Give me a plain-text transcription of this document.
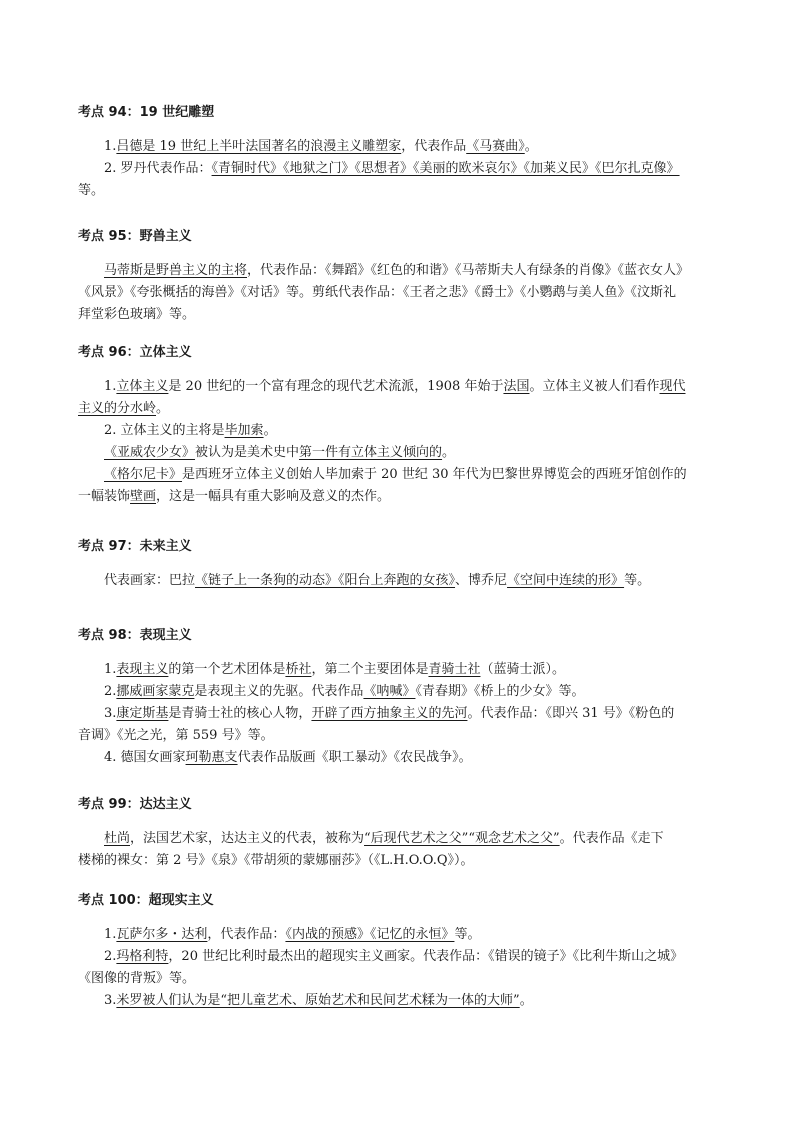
考点 94：19 世纪雕塑
1.吕德是 19 世纪上半叶法国著名的浪漫主义雕塑家，代表作品《马赛曲》。
2. 罗丹代表作品：《青铜时代》《地狱之门》《思想者》《美丽的欧米哀尔》《加莱义民》《巴尔扎克像》
等。
考点 95：野兽主义
马蒂斯是野兽主义的主将，代表作品：《舞蹈》《红色的和谐》《马蒂斯夫人有绿条的肖像》《蓝衣女人》
《风景》《夸张概括的海兽》《对话》等。剪纸代表作品：《王者之悲》《爵士》《小鹦鹉与美人鱼》《汶斯礼
拜堂彩色玻璃》等。
考点 96：立体主义
1.立体主义是 20 世纪的一个富有理念的现代艺术流派，1908 年始于法国。立体主义被人们看作现代
主义的分水岭。
2. 立体主义的主将是毕加索。
《亚威农少女》被认为是美术史中第一件有立体主义倾向的。
《格尔尼卡》是西班牙立体主义创始人毕加索于 20 世纪 30 年代为巴黎世界博览会的西班牙馆创作的
一幅装饰壁画，这是一幅具有重大影响及意义的杰作。
考点 97：未来主义
代表画家：巴拉《链子上一条狗的动态》《阳台上奔跑的女孩》、博乔尼《空间中连续的形》等。
考点 98：表现主义
1.表现主义的第一个艺术团体是桥社，第二个主要团体是青骑士社（蓝骑士派）。
2.挪威画家蒙克是表现主义的先驱。代表作品《呐喊》《青春期》《桥上的少女》等。
3.康定斯基是青骑士社的核心人物，开辟了西方抽象主义的先河。代表作品：《即兴 31 号》《粉色的
音调》《光之光，第 559 号》等。
4. 德国女画家珂勒惠支代表作品版画《职工暴动》《农民战争》。
考点 99：达达主义
杜尚，法国艺术家，达达主义的代表，被称为“后现代艺术之父”“观念艺术之父”。代表作品《走下
楼梯的裸女：第 2 号》《泉》《带胡须的蒙娜丽莎》（《L.H.O.O.Q》）。
考点 100：超现实主义
1.瓦萨尔多・达利，代表作品：《内战的预感》《记忆的永恒》等。
2.玛格利特，20 世纪比利时最杰出的超现实主义画家。代表作品：《错误的镜子》《比利牛斯山之城》
《图像的背叛》等。
3.米罗被人们认为是“把儿童艺术、原始艺术和民间艺术糅为一体的大师”。
